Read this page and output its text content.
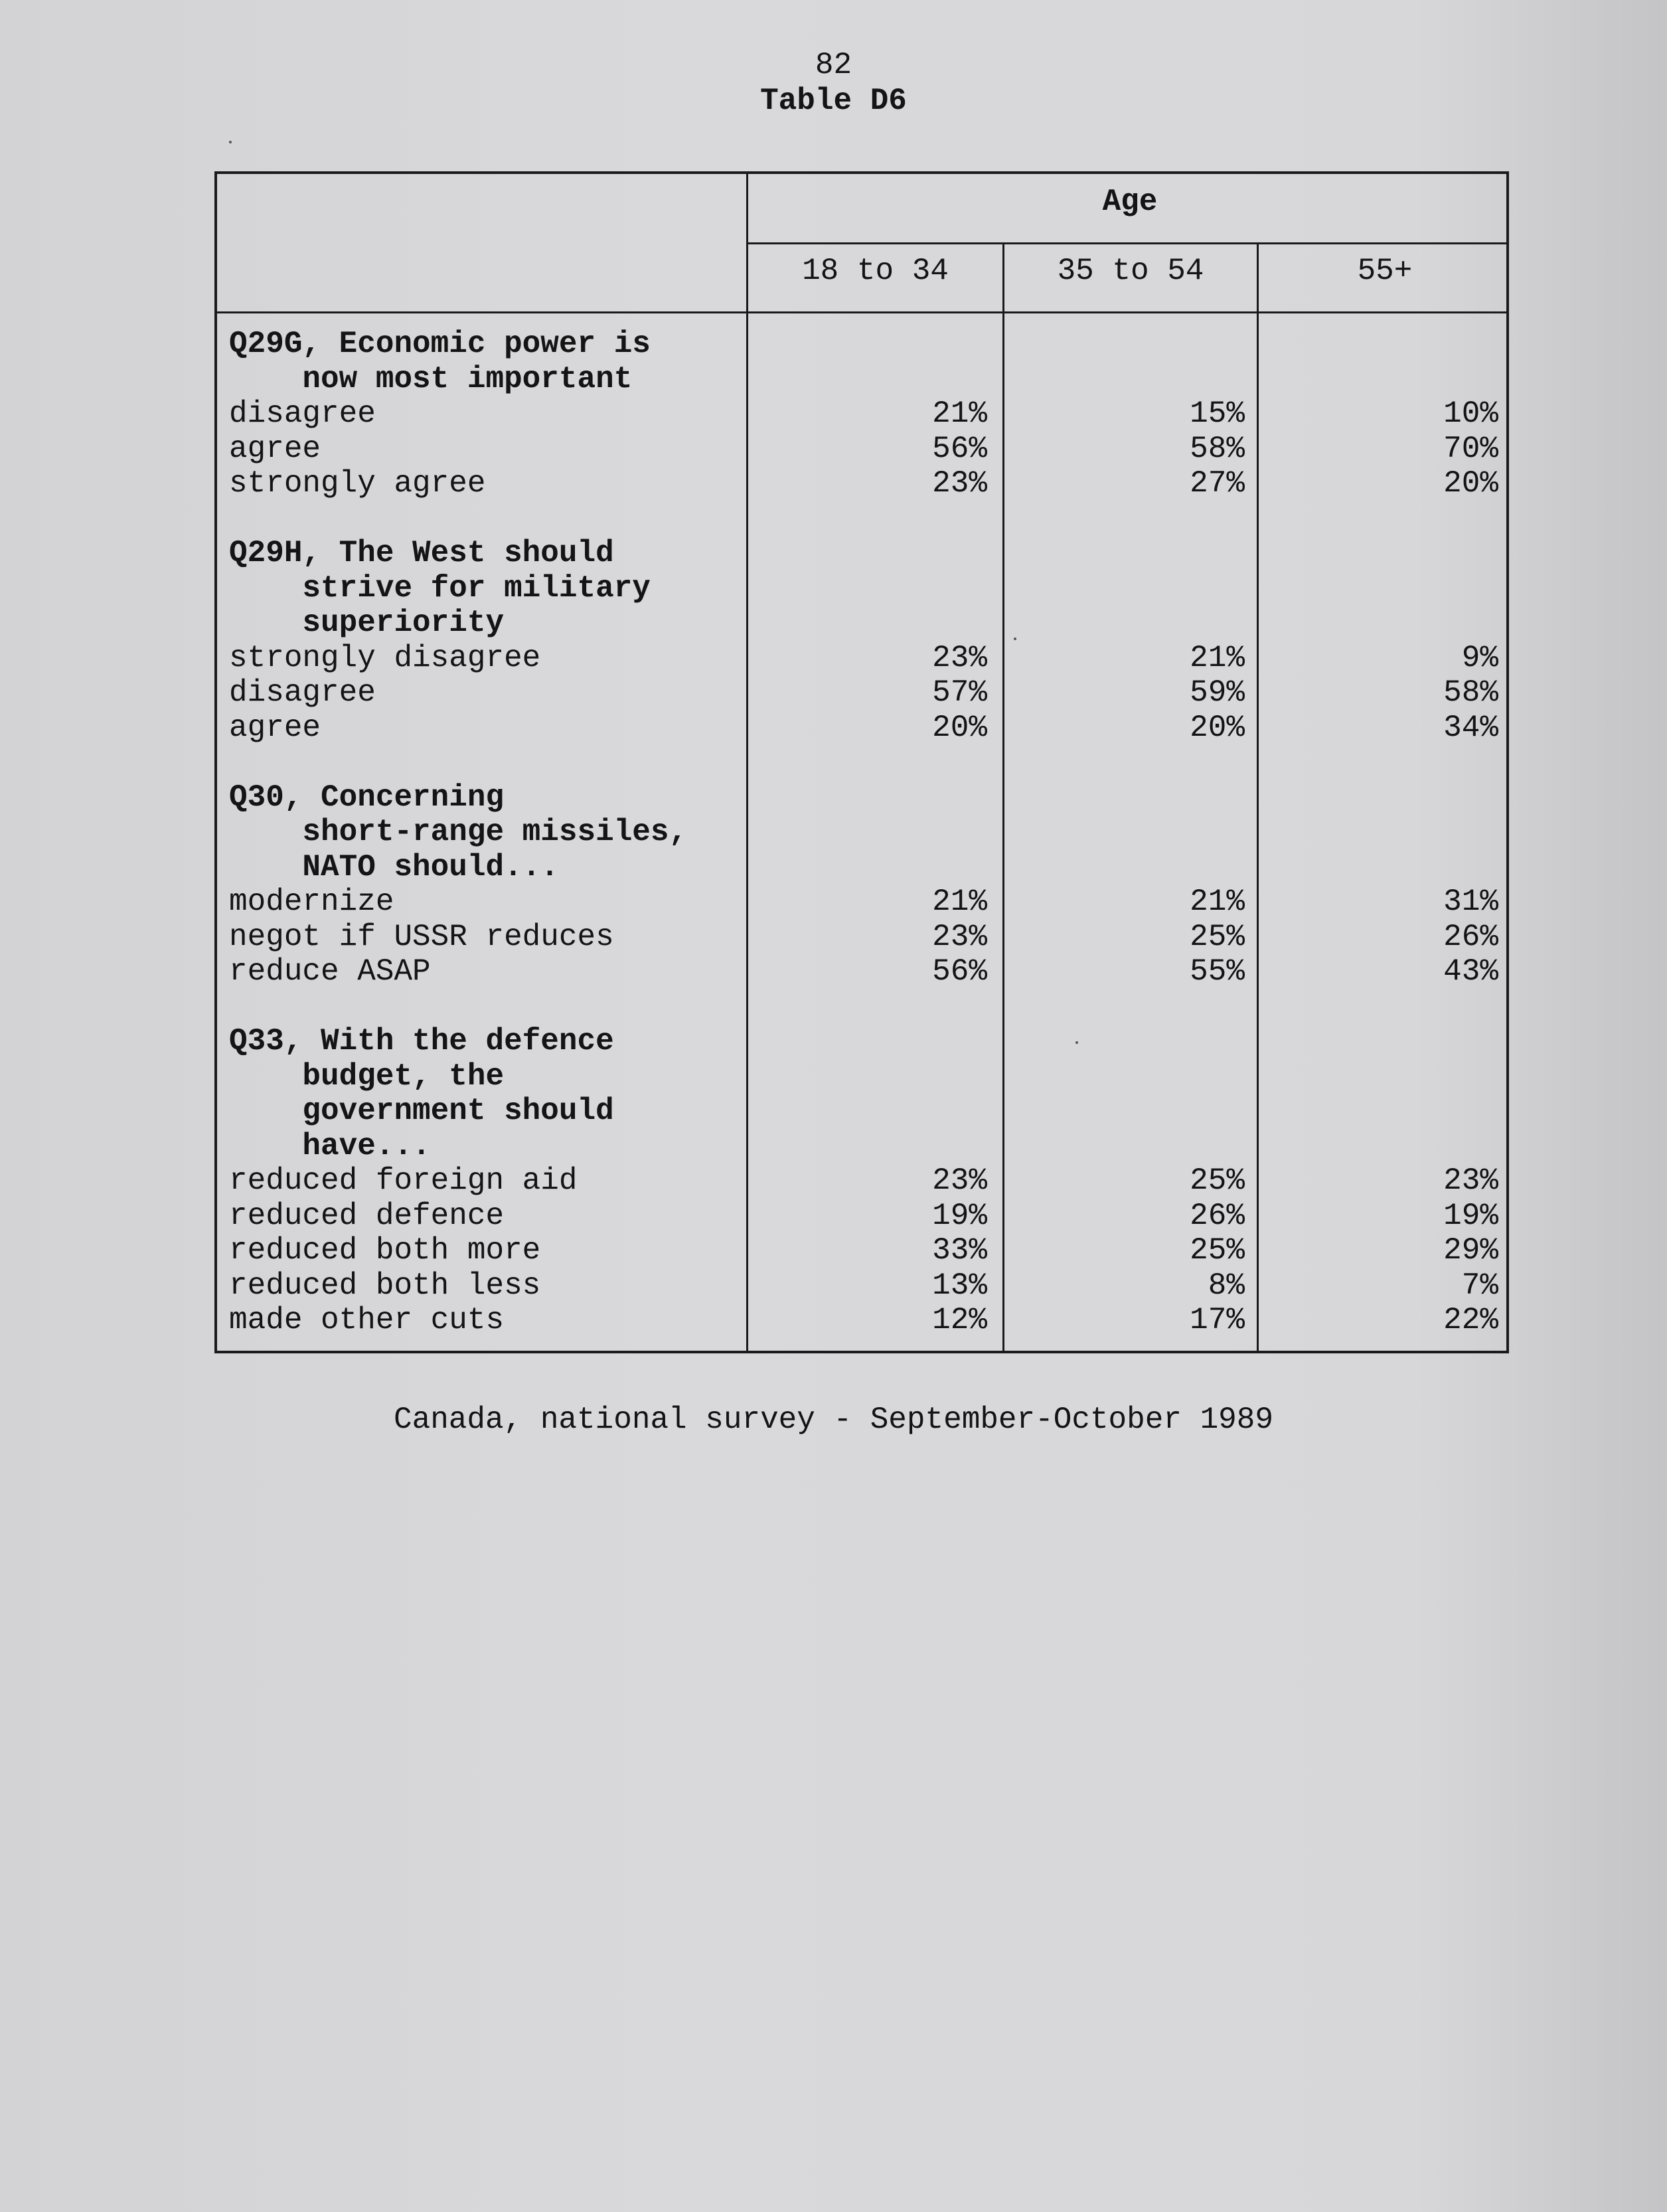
82
Table D6
Age
18 to 34	35 to 54	55+
Q29G, Economic power is
now most important
disagree	21%	15%	10%
agree	56%	58%	70%
strongly agree	23%	27%	20%
Q29H, The West should
strive for military
superiority
strongly disagree	23%	21%	9%
disagree	57%	59%	58%
agree	20%	20%	34%
Q30, Concerning
short-range missiles,
NATO should...
modernize	21%	21%	31%
negot if USSR reduces	23%	25%	26%
reduce ASAP	56%	55%	43%
Q33, With the defence
budget, the
government should
have...
reduced foreign aid	23%	25%	23%
reduced defence	19%	26%	19%
reduced both more	33%	25%	29%
reduced both less	13%	8%	7%
made other cuts	12%	17%	22%
Canada, national survey - September-October 1989
